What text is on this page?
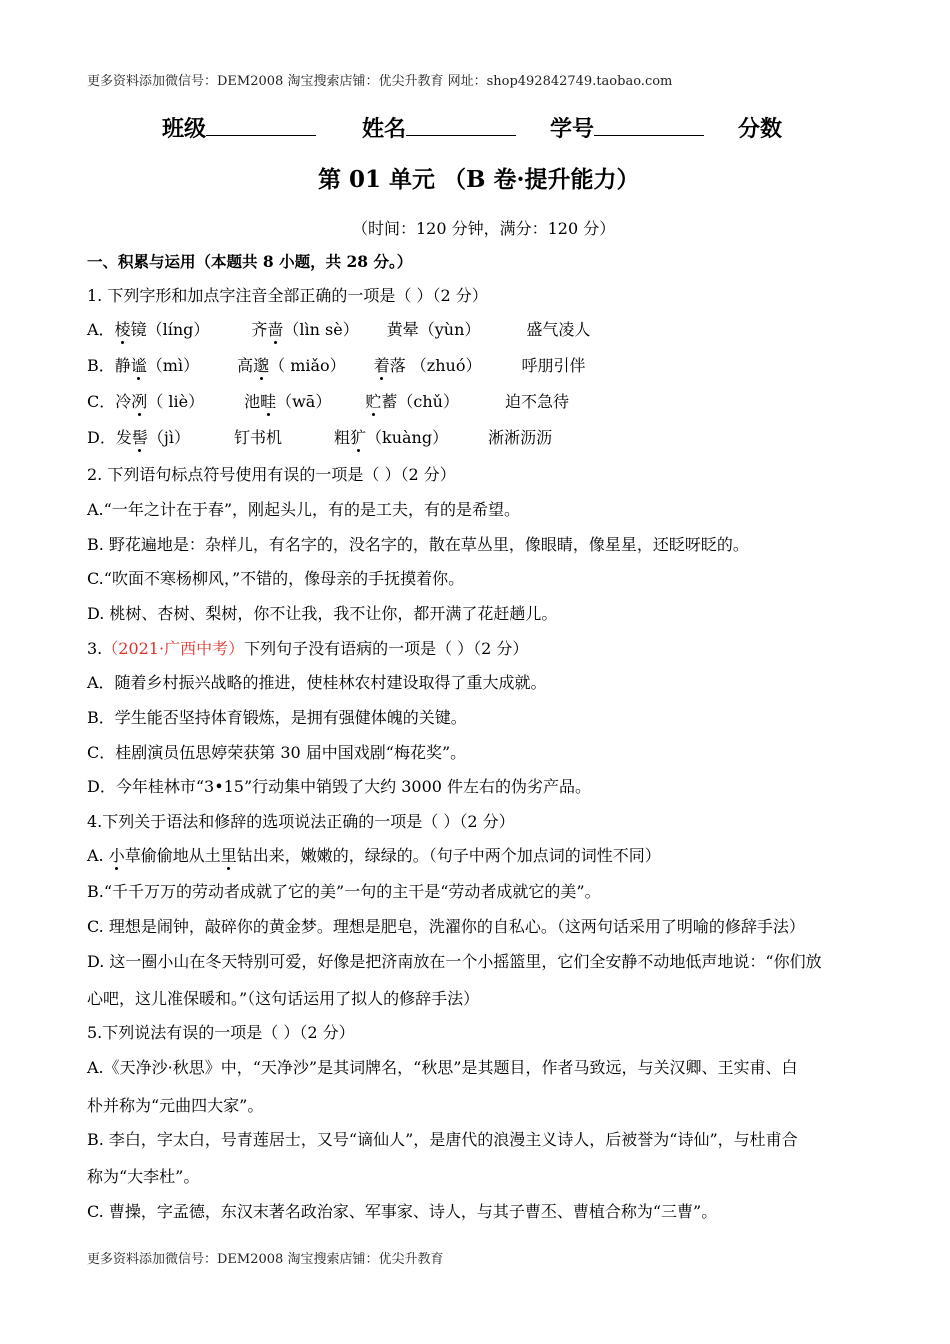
更多资料添加微信号：DEM2008 淘宝搜索店铺：优尖升教育 网址：shop492842749.taobao.com
班级	姓名	学号	分数
第 01 单元 （B 卷·提升能力）
（时间：120 分钟，满分：120 分）
一、积累与运用（本题共 8 小题，共 28 分。）
1. 下列字形和加点字注音全部正确的一项是（ ）（2 分）
A．棱镜（líng）	齐啬（lìn sè） 黄晕（yùn）	盛气凌人
B．静谧（mì） 高邈（ miǎo） 着落 （zhuó）	呼朋引伴
C．冷冽（ liè）	池畦（wā） 贮蓄（chǔ）	迫不急待
D．发髻（jì）	钉书机	粗犷（kuàng）	淅淅沥沥
2. 下列语句标点符号使用有误的一项是（ ）（2 分）
A.“一年之计在于春”，刚起头儿，有的是工夫，有的是希望。
B. 野花遍地是：杂样儿，有名字的，没名字的，散在草丛里，像眼睛，像星星，还眨呀眨的。
C.“吹面不寒杨柳风，”不错的，像母亲的手抚摸着你。
D. 桃树、杏树、梨树，你不让我，我不让你，都开满了花赶趟儿。
3.（2021·广西中考）下列句子没有语病的一项是（ ）（2 分）
A．随着乡村振兴战略的推进，使桂林农村建设取得了重大成就。
B．学生能否坚持体育锻炼，是拥有强健体魄的关键。
C．桂剧演员伍思婷荣获第 30 届中国戏剧“梅花奖”。
D．今年桂林市“3•15”行动集中销毁了大约 3000 件左右的伪劣产品。
4.下列关于语法和修辞的选项说法正确的一项是（ ）（2 分）
A. 小草偷偷地从土里钻出来，嫩嫩的，绿绿的。（句子中两个加点词的词性不同）
B.“千千万万的劳动者成就了它的美”一句的主干是“劳动者成就它的美”。
C. 理想是闹钟，敲碎你的黄金梦。理想是肥皂，洗濯你的自私心。（这两句话采用了明喻的修辞手法）
D. 这一圈小山在冬天特别可爱，好像是把济南放在一个小摇篮里，它们全安静不动地低声地说：“你们放
心吧，这儿准保暖和。”（这句话运用了拟人的修辞手法）
5.下列说法有误的一项是（ ）（2 分）
A.《天净沙·秋思》中，“天净沙”是其词牌名，“秋思”是其题目，作者马致远，与关汉卿、王实甫、白
朴并称为“元曲四大家”。
B. 李白，字太白，号青莲居士，又号“谪仙人”，是唐代的浪漫主义诗人，后被誉为“诗仙”，与杜甫合
称为“大李杜”。
C. 曹操，字孟德，东汉末著名政治家、军事家、诗人，与其子曹丕、曹植合称为“三曹”。
更多资料添加微信号：DEM2008 淘宝搜索店铺：优尖升教育
